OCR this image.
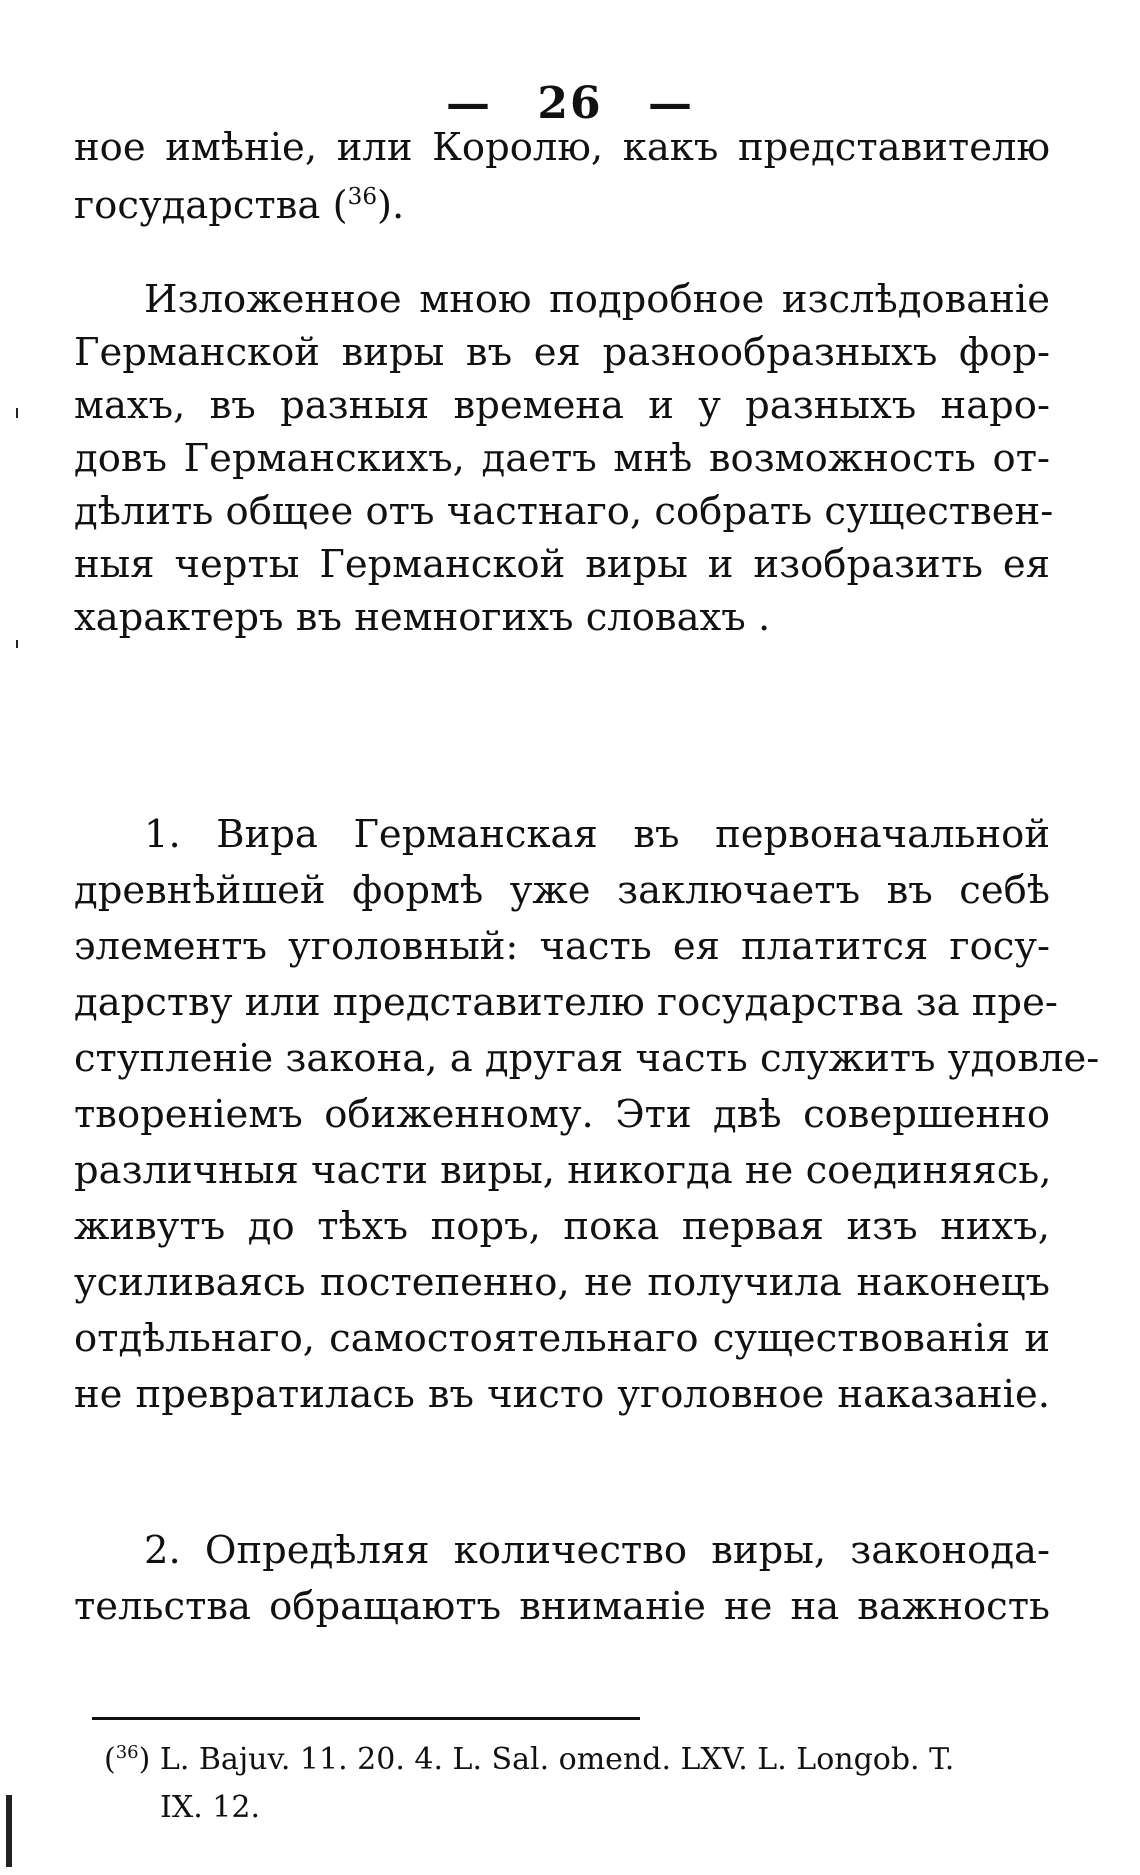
— 26 —
ное имѣніе, или Королю, какъ представителю
государства ($^{36}$).
Изложенное мною подробное изслѣдованіе
Германской виры въ ея разнообразныхъ фор-
махъ, въ разныя времена и у разныхъ наро-
довъ Германскихъ, даетъ мнѣ возможность от-
дѣлить общее отъ частнаго, собрать существен-
ныя черты Германской виры и изобразить ея
характеръ въ немногихъ словахъ .
1. Вира Германская въ первоначальной
древнѣйшей формѣ уже заключаетъ въ себѣ
элементъ уголовный: часть ея платится госу-
дарству или представителю государства за пре-
ступленіе закона, а другая часть служитъ удовле-
твореніемъ обиженному. Эти двѣ совершенно
различныя части виры, никогда не соединяясь,
живутъ до тѣхъ поръ, пока первая изъ нихъ,
усиливаясь постепенно, не получила наконецъ
отдѣльнаго, самостоятельнаго существованія и
не превратилась въ чисто уголовное наказаніе.
2. Опредѣляя количество виры, законода-
тельства обращаютъ вниманіе не на важность
($^{36}$) L. Bajuv. 11. 20. 4. L. Sal. omend. LXV. L. Longob. T.
IX. 12.
